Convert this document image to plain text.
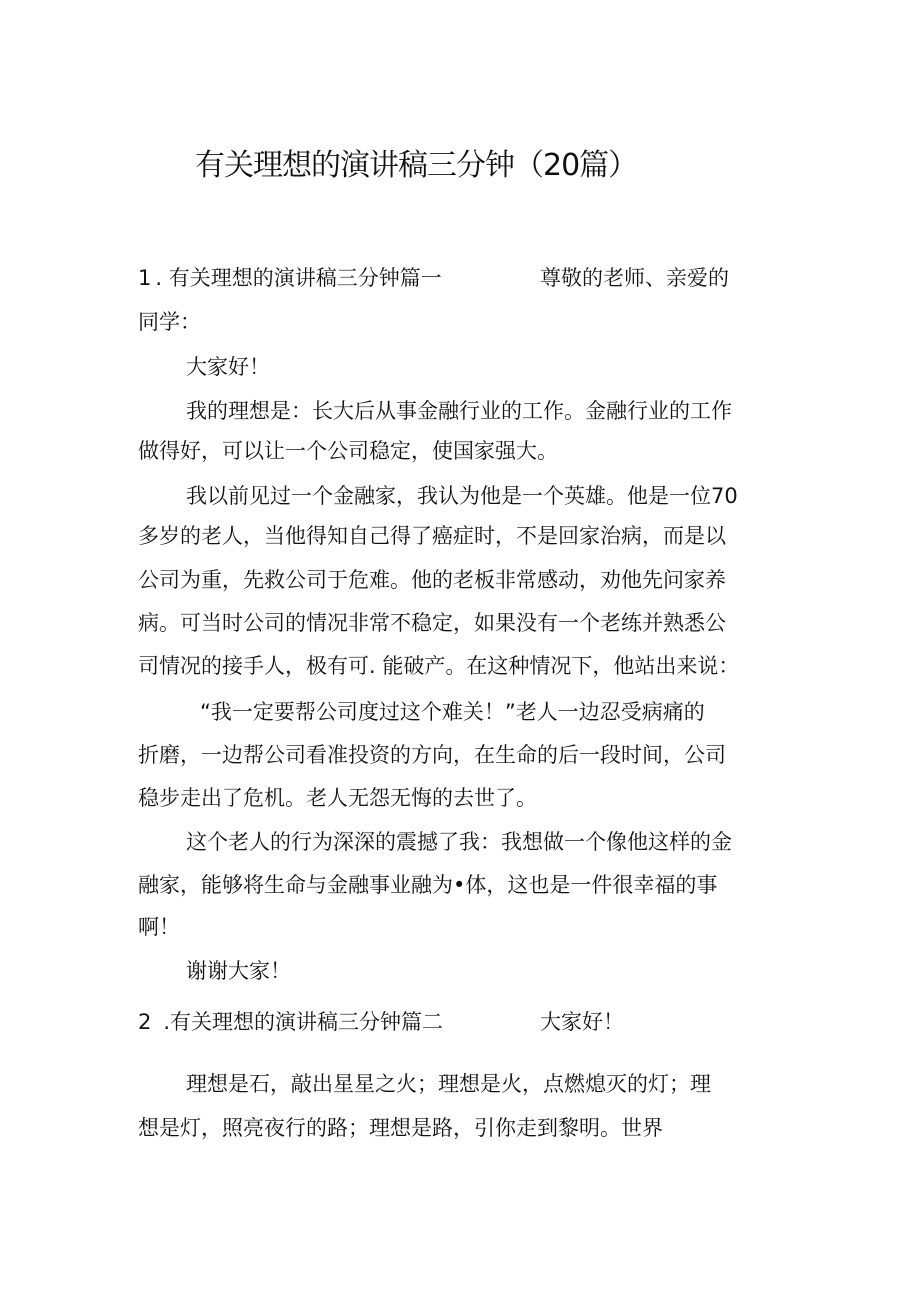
有关理想的演讲稿三分钟（20篇）
1 . 有关理想的演讲稿三分钟篇一	尊敬的老师、亲爱的
同学：
大家好！
我的理想是：长大后从事金融行业的工作。金融行业的工作
做得好，可以让一个公司稳定，使国家强大。
我以前见过一个金融家，我认为他是一个英雄。他是一位70
多岁的老人，当他得知自己得了癌症时，不是回家治病，而是以
公司为重，先救公司于危难。他的老板非常感动，劝他先问家养
病。可当时公司的情况非常不稳定，如果没有一个老练并熟悉公
司情况的接手人，极有可. 能破产。在这种情况下，他站出来说：
“我一定要帮公司度过这个难关！”老人一边忍受病痛的
折磨，一边帮公司看准投资的方向，在生命的后一段时间，公司
稳步走出了危机。老人无怨无悔的去世了。
这个老人的行为深深的震撼了我：我想做一个像他这样的金
融家，能够将生命与金融事业融为•体，这也是一件很幸福的事
啊！
谢谢大家！
2 .有关理想的演讲稿三分钟篇二	大家好！
理想是石，敲出星星之火；理想是火，点燃熄灭的灯；理
想是灯，照亮夜行的路；理想是路，引你走到黎明。世界
